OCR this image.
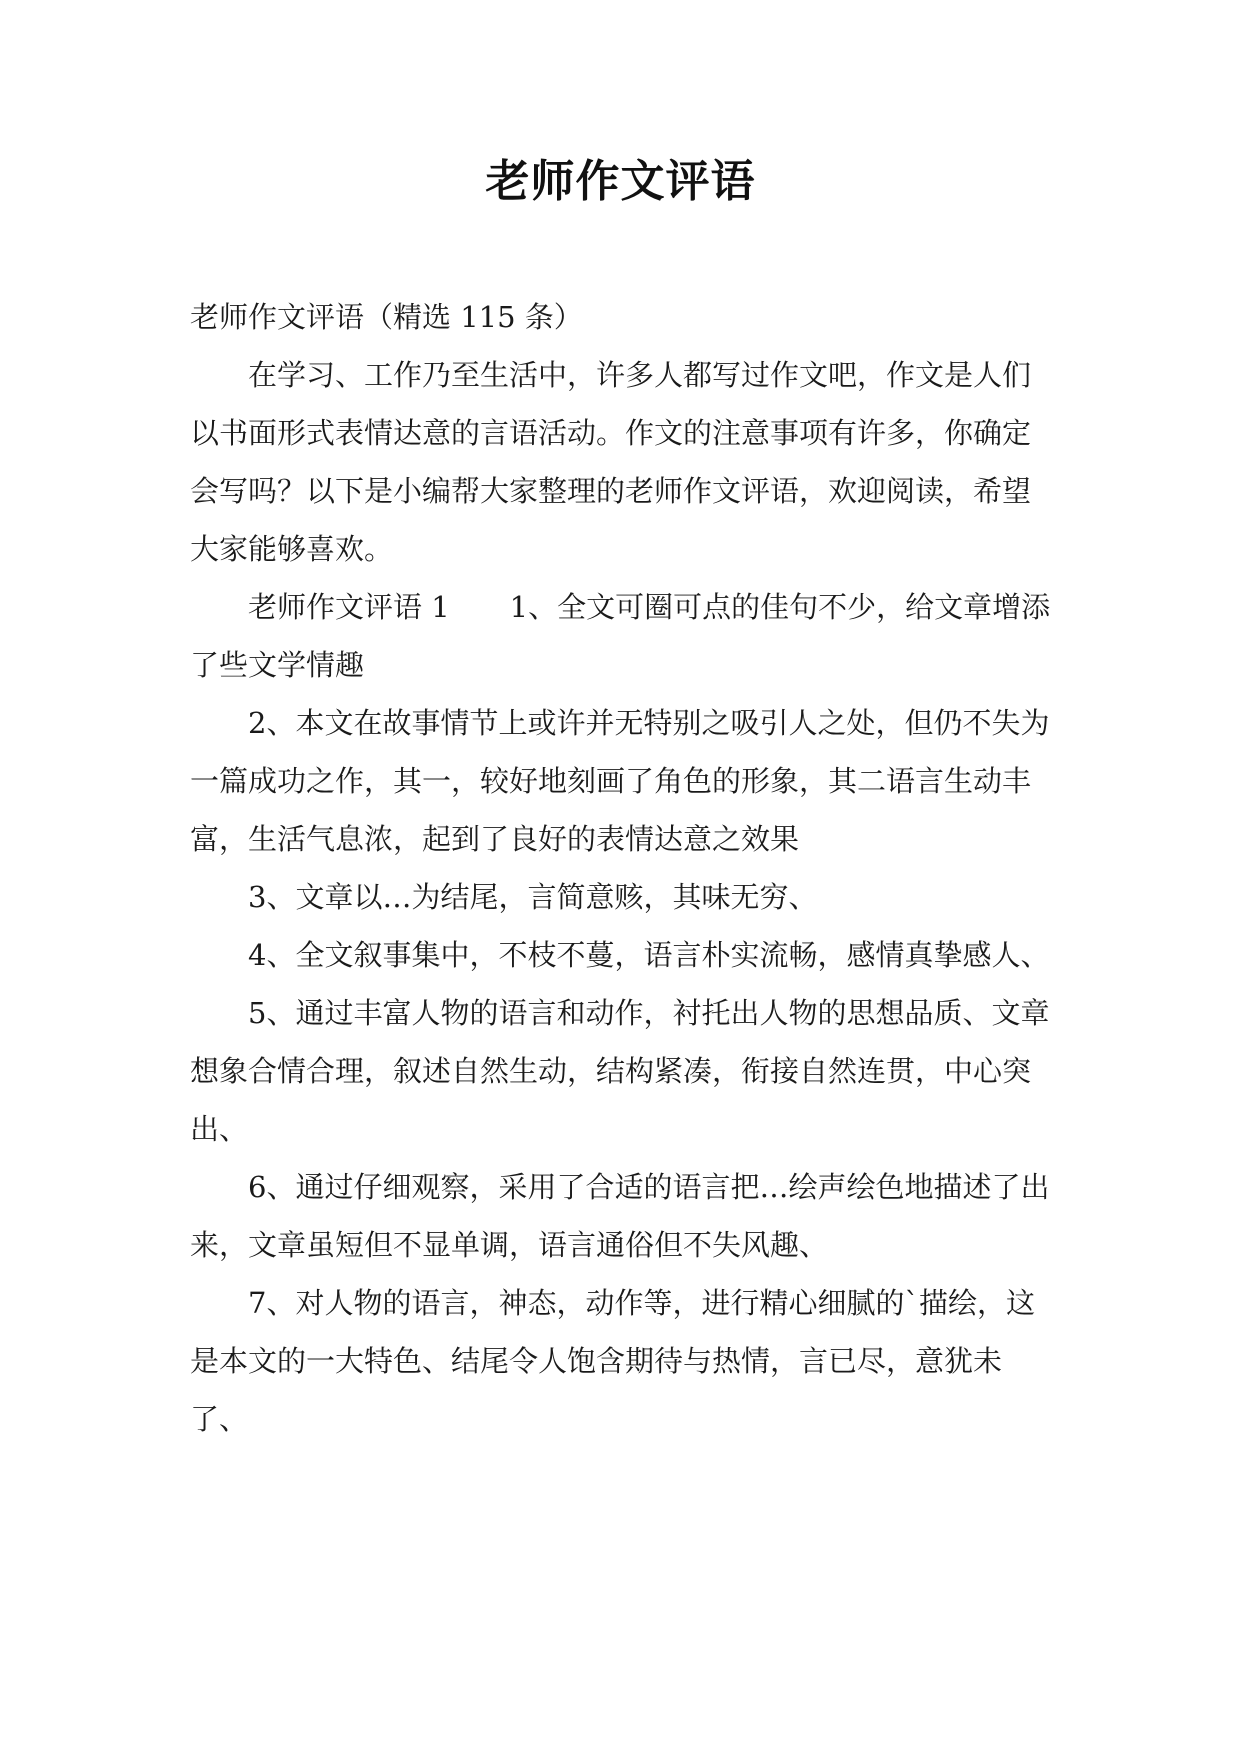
老师作文评语

老师作文评语（精选 115 条）

在学习、工作乃至生活中，许多人都写过作文吧，作文是人们以书面形式表情达意的言语活动。作文的注意事项有许多，你确定会写吗？以下是小编帮大家整理的老师作文评语，欢迎阅读，希望大家能够喜欢。

老师作文评语 1 1、全文可圈可点的佳句不少，给文章增添了些文学情趣

2、本文在故事情节上或许并无特别之吸引人之处，但仍不失为一篇成功之作，其一，较好地刻画了角色的形象，其二语言生动丰富，生活气息浓，起到了良好的表情达意之效果

3、文章以…为结尾，言简意赅，其味无穷、

4、全文叙事集中，不枝不蔓，语言朴实流畅，感情真挚感人、

5、通过丰富人物的语言和动作，衬托出人物的思想品质、文章想象合情合理，叙述自然生动，结构紧凑，衔接自然连贯，中心突出、

6、通过仔细观察，采用了合适的语言把…绘声绘色地描述了出来，文章虽短但不显单调，语言通俗但不失风趣、

7、对人物的语言，神态，动作等，进行精心细腻的`描绘，这是本文的一大特色、结尾令人饱含期待与热情，言已尽，意犹未了、
